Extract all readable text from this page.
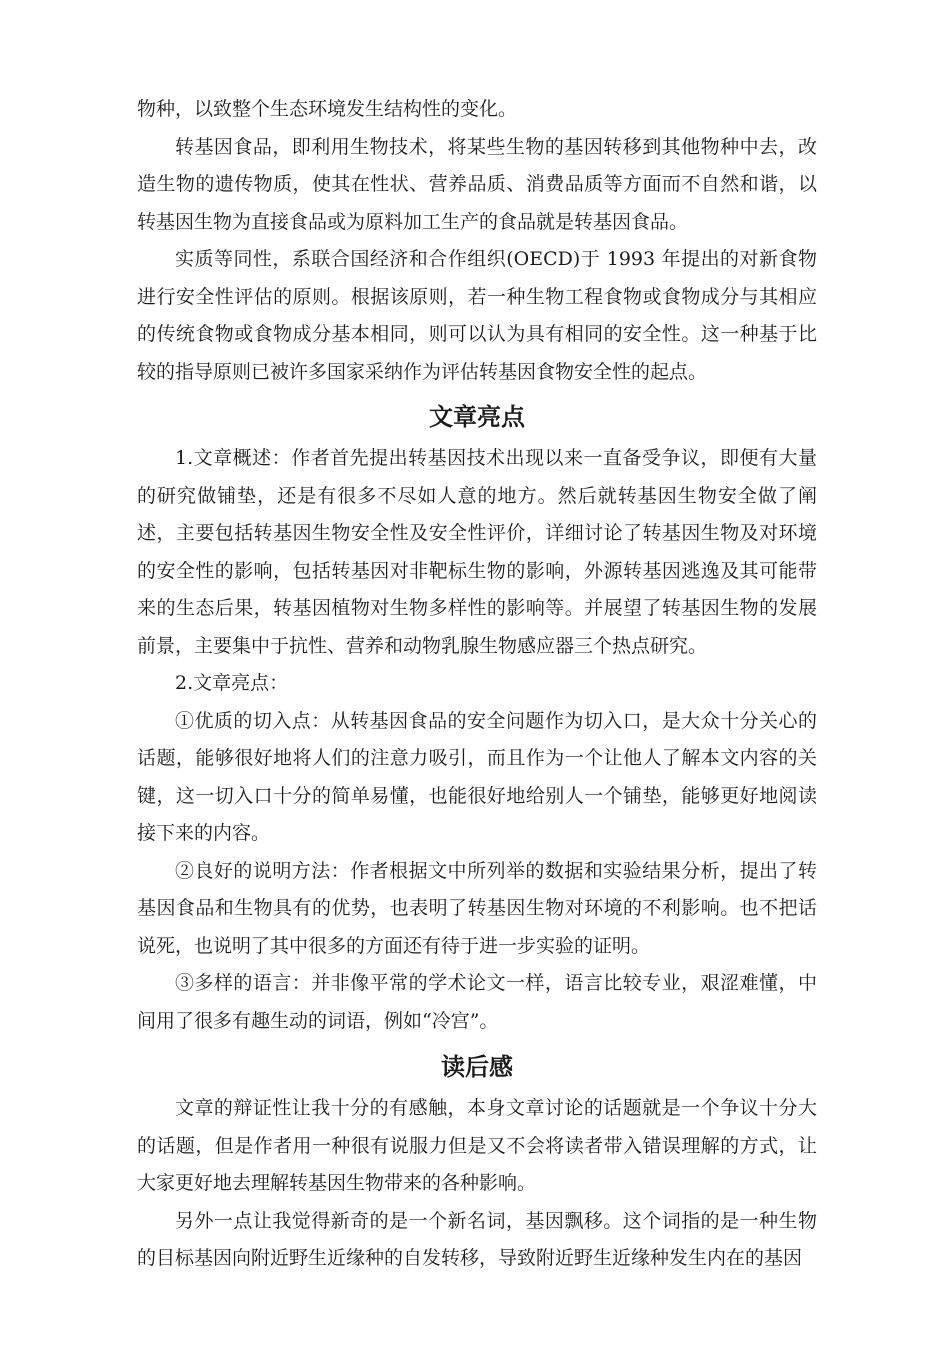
物种，以致整个生态环境发生结构性的变化。

转基因食品，即利用生物技术，将某些生物的基因转移到其他物种中去，改造生物的遗传物质，使其在性状、营养品质、消费品质等方面而不自然和谐，以转基因生物为直接食品或为原料加工生产的食品就是转基因食品。

实质等同性，系联合国经济和合作组织(OECD)于 1993 年提出的对新食物进行安全性评估的原则。根据该原则，若一种生物工程食物或食物成分与其相应的传统食物或食物成分基本相同，则可以认为具有相同的安全性。这一种基于比较的指导原则已被许多国家采纳作为评估转基因食物安全性的起点。

文章亮点

1.文章概述：作者首先提出转基因技术出现以来一直备受争议，即便有大量的研究做铺垫，还是有很多不尽如人意的地方。然后就转基因生物安全做了阐述，主要包括转基因生物安全性及安全性评价，详细讨论了转基因生物及对环境的安全性的影响，包括转基因对非靶标生物的影响，外源转基因逃逸及其可能带来的生态后果，转基因植物对生物多样性的影响等。并展望了转基因生物的发展前景，主要集中于抗性、营养和动物乳腺生物感应器三个热点研究。

2.文章亮点：

①优质的切入点：从转基因食品的安全问题作为切入口，是大众十分关心的话题，能够很好地将人们的注意力吸引，而且作为一个让他人了解本文内容的关键，这一切入口十分的简单易懂，也能很好地给别人一个铺垫，能够更好地阅读接下来的内容。

②良好的说明方法：作者根据文中所列举的数据和实验结果分析，提出了转基因食品和生物具有的优势，也表明了转基因生物对环境的不利影响。也不把话说死，也说明了其中很多的方面还有待于进一步实验的证明。

③多样的语言：并非像平常的学术论文一样，语言比较专业，艰涩难懂，中间用了很多有趣生动的词语，例如“冷宫”。

读后感

文章的辩证性让我十分的有感触，本身文章讨论的话题就是一个争议十分大的话题，但是作者用一种很有说服力但是又不会将读者带入错误理解的方式，让大家更好地去理解转基因生物带来的各种影响。

另外一点让我觉得新奇的是一个新名词，基因飘移。这个词指的是一种生物的目标基因向附近野生近缘种的自发转移，导致附近野生近缘种发生内在的基因
